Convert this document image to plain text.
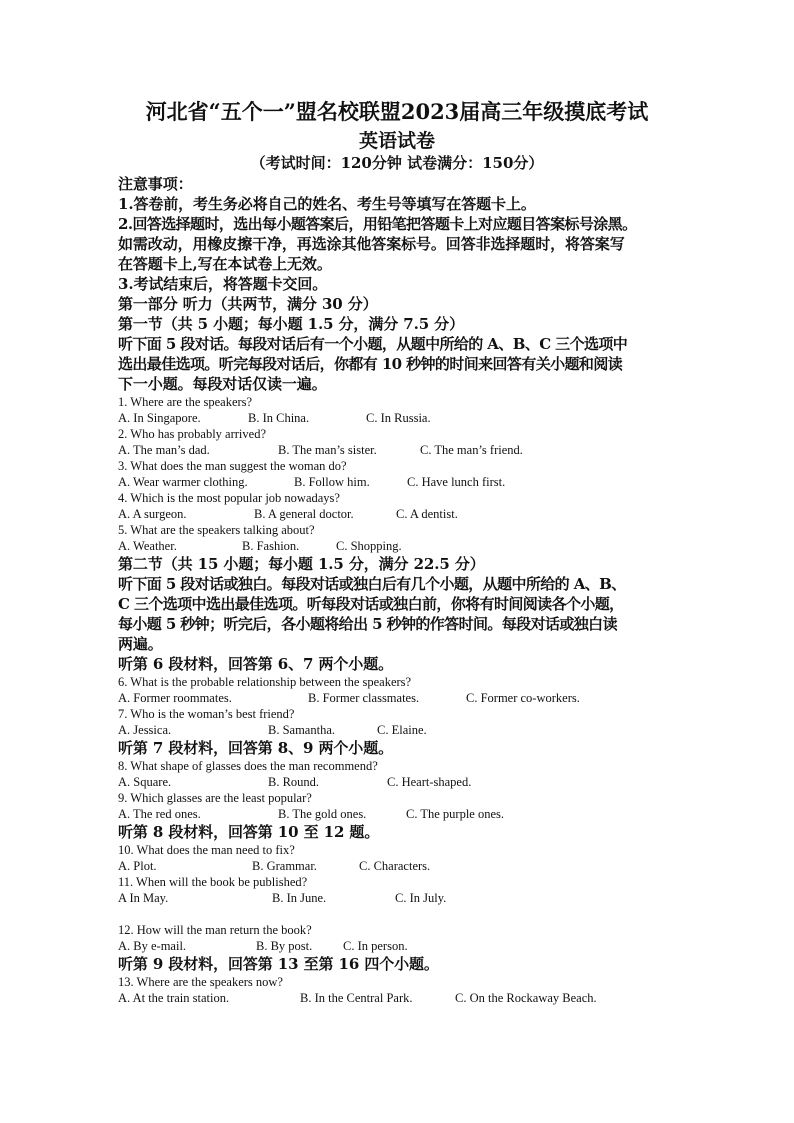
河北省“五个一”盟名校联盟2023届高三年级摸底考试
英语试卷
（考试时间：120分钟 试卷满分：150分）
注意事项：
1.答卷前，考生务必将自己的姓名、考生号等填写在答题卡上。
2.回答选择题时，选出每小题答案后，用铅笔把答题卡上对应题目答案标号涂黑。
如需改动，用橡皮擦干净，再选涂其他答案标号。回答非选择题时，将答案写
在答题卡上,写在本试卷上无效。
3.考试结束后，将答题卡交回。
第一部分 听力（共两节，满分 30 分）
第一节（共 5 小题；每小题 1.5 分，满分 7.5 分）
听下面 5 段对话。每段对话后有一个小题，从题中所给的 A、B、C 三个选项中
选出最佳选项。听完每段对话后，你都有 10 秒钟的时间来回答有关小题和阅读
下一小题。每段对话仅读一遍。
1. Where are the speakers?
A. In Singapore.	B. In China.	C. In Russia.
2. Who has probably arrived?
A. The man’s dad.	B. The man’s sister.	C. The man’s friend.
3. What does the man suggest the woman do?
A. Wear warmer clothing.	B. Follow him.	C. Have lunch first.
4. Which is the most popular job nowadays?
A. A surgeon.	B. A general doctor.	C. A dentist.
5. What are the speakers talking about?
A. Weather.	B. Fashion.	C. Shopping.
第二节（共 15 小题；每小题 1.5 分，满分 22.5 分）
听下面 5 段对话或独白。每段对话或独白后有几个小题，从题中所给的 A、B、
C 三个选项中选出最佳选项。听每段对话或独白前，你将有时间阅读各个小题，
每小题 5 秒钟；听完后，各小题将给出 5 秒钟的作答时间。每段对话或独白读
两遍。
听第 6 段材料，回答第 6、7 两个小题。
6. What is the probable relationship between the speakers?
A. Former roommates.	B. Former classmates.	C. Former co-workers.
7. Who is the woman’s best friend?
A. Jessica.	B. Samantha.	C. Elaine.
听第 7 段材料，回答第 8、9 两个小题。
8. What shape of glasses does the man recommend?
A. Square.	B. Round.	C. Heart-shaped.
9. Which glasses are the least popular?
A. The red ones.	B. The gold ones.	C. The purple ones.
听第 8 段材料，回答第 10 至 12 题。
10. What does the man need to fix?
A. Plot.	B. Grammar.	C. Characters.
11. When will the book be published?
A In May.	B. In June.	C. In July.
12. How will the man return the book?
A. By e-mail.	B. By post. C. In person.
听第 9 段材料，回答第 13 至第 16 四个小题。
13. Where are the speakers now?
A. At the train station.	B. In the Central Park.	C. On the Rockaway Beach.
